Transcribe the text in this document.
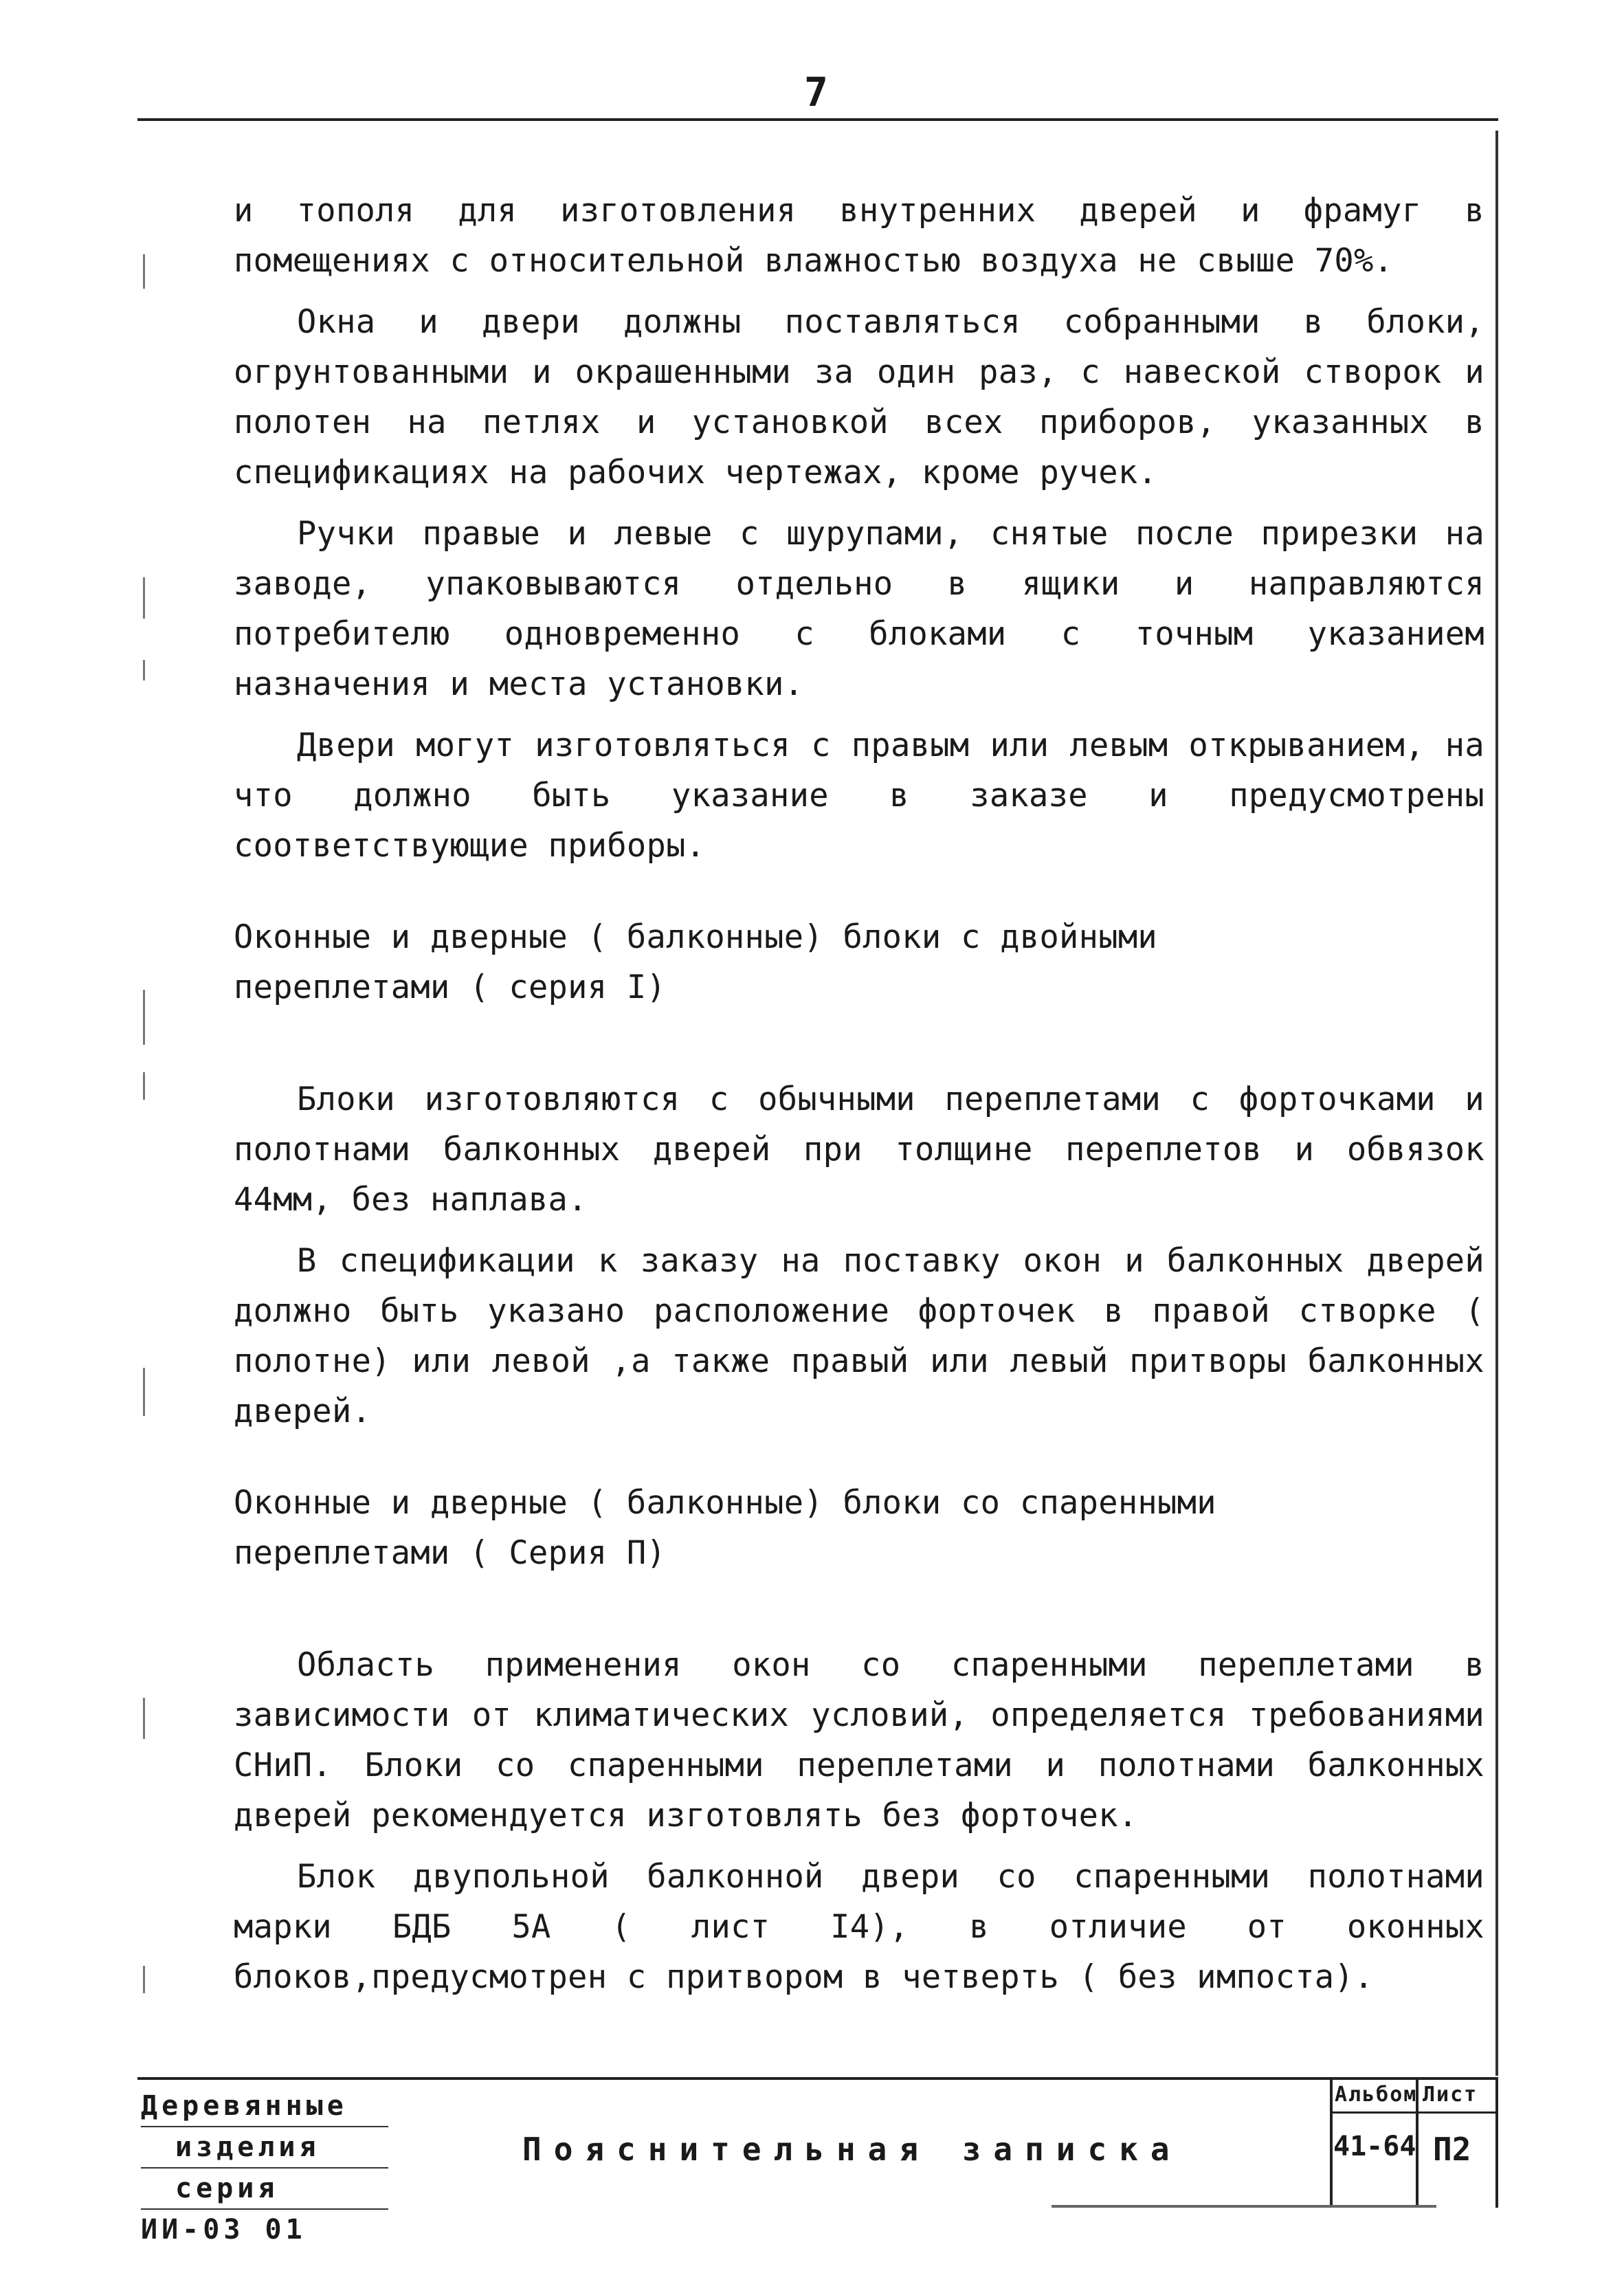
7

и тополя для изготовления внутренних дверей и фрамуг в помещениях с относительной влажностью воздуха не свыше 70%.

Окна и двери должны поставляться собранными в блоки, огрунтованными и окрашенными за один раз, с навеской створок и полотен на петлях и установкой всех приборов, указанных в спецификациях на рабочих чертежах, кроме ручек.

Ручки правые и левые с шурупами, снятые после прирезки на заводе, упаковываются отдельно в ящики и направляются потребителю одновременно с блоками с точным указанием назначения и места установки.

Двери могут изготовляться с правым или левым открыванием, на что должно быть указание в заказе и предусмотрены соответствующие приборы.

Оконные и дверные ( балконные) блоки с двойными
переплетами ( серия I)

Блоки изготовляются с обычными переплетами с форточками и полотнами балконных дверей при толщине переплетов и обвязок 44мм, без наплава.

В спецификации к заказу на поставку окон и балконных дверей должно быть указано расположение форточек в правой створке ( полотне) или левой ,а также правый или левый притворы балконных дверей.

Оконные и дверные ( балконные) блоки со спаренными
переплетами ( Серия П)

Область применения окон со спаренными переплетами в зависимости от климатических условий, определяется требованиями СНиП. Блоки со спаренными переплетами и полотнами балконных дверей рекомендуется изготовлять без форточек.

Блок двупольной балконной двери со спаренными полотнами марки БДБ 5А ( лист I4), в отличие от оконных блоков,предусмотрен с притвором в четверть ( без импоста).

Деревянные
изделия
серия
ИИ-03 01
Пояснительная записка
Альбом Лист
41-64 П2
